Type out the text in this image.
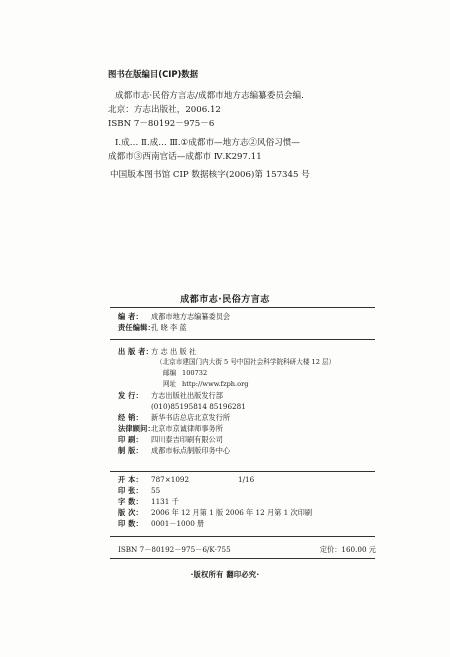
图书在版编目(CIP)数据
成都市志·民俗方言志/成都市地方志编纂委员会编.
北京：方志出版社，2006.12
ISBN 7－80192－975－6
Ⅰ.成… Ⅱ.成… Ⅲ.①成都市—地方志②风俗习惯—
成都市③西南官话—成都市 Ⅳ.K297.11
中国版本图书馆 CIP 数据核字(2006)第 157345 号
成都市志·民俗方言志
编 者： 成都市地方志编纂委员会
责任编辑：
孔 晓 李 蓝
出 版 者：
方 志 出 版 社
（北京市建国门内大街 5 号中国社会科学院科研大楼 12 层）
邮编 100732
网址 http://www.fzph.org
发 行： 方志出版社出版发行部
(010)85195814 85196281
经 销： 新华书店总店北京发行所
法律顾问：
北京市京诚律师事务所
印 刷： 四川泰吉印刷有限公司
制 版： 成都市标点制版印务中心
开 本： 787×1092	1/16
印 张： 55
字 数： 1131 千
版 次： 2006 年 12 月第 1 版 2006 年 12 月第 1 次印刷
印 数： 0001－1000 册
ISBN 7－80192－975－6/K·755	定价：160.00 元
·版权所有 翻印必究·
